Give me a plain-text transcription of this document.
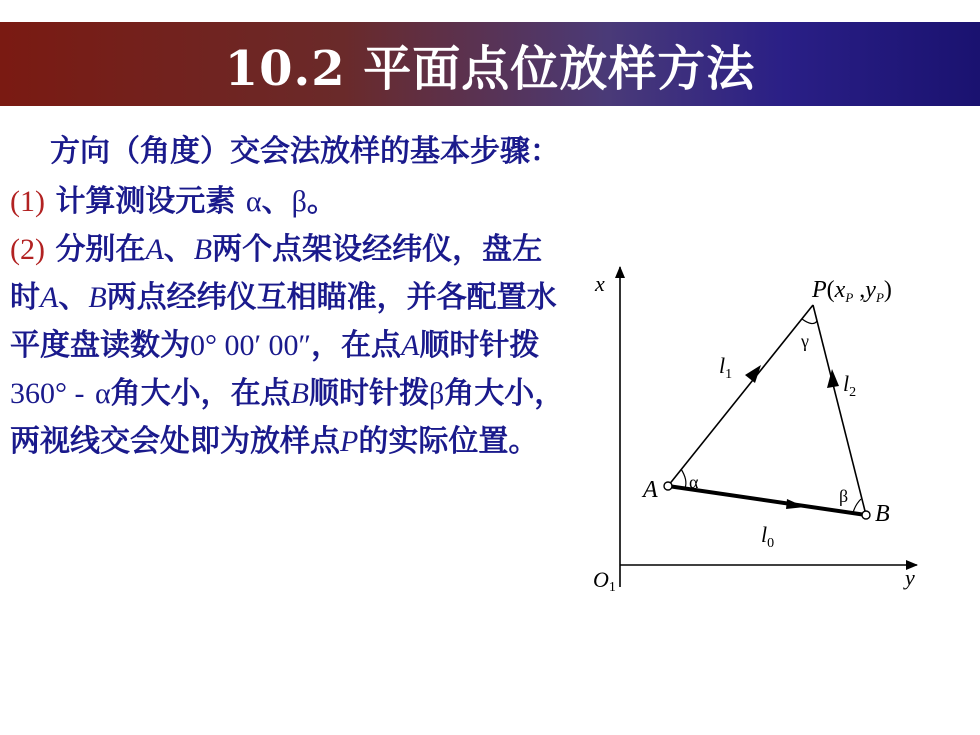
10.2 平面点位放样方法

方向（角度）交会法放样的基本步骤：

(1) 计算测设元素 α、β。

(2) 分别在A、B两个点架设经纬仪，盘左时A、B两点经纬仪互相瞄准，并各配置水平度盘读数为0° 00′ 00″，在点A顺时针拨360° - α角大小，在点B顺时针拨β角大小，两视线交会处即为放样点P的实际位置。

x
y
O1
$P(x_P$ $,y_P$)
A
B
$l_1$	$l_2$
$l_0$
α
β
γ
